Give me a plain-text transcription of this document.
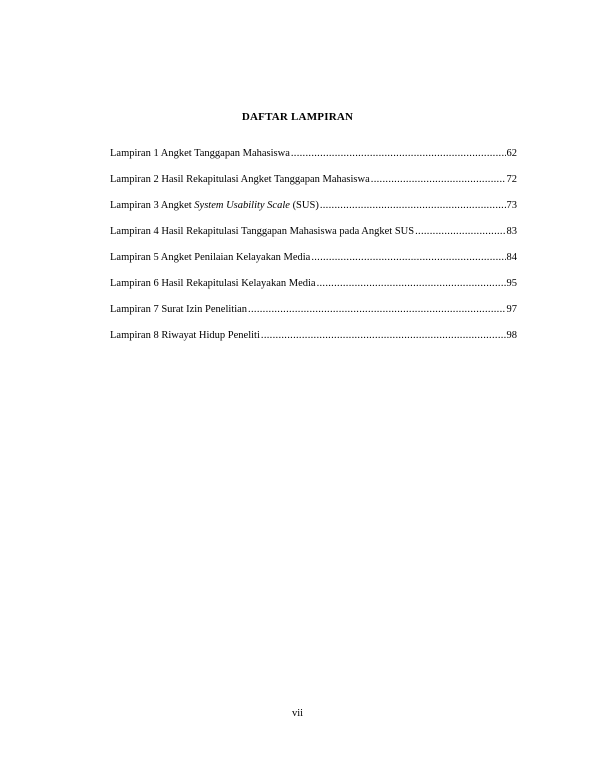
DAFTAR LAMPIRAN
Lampiran 1 Angket Tanggapan Mahasiswa .....	62
Lampiran 2 Hasil Rekapitulasi Angket Tanggapan Mahasiswa .....	72
Lampiran 3 Angket System Usability Scale (SUS) .....	73
Lampiran 4 Hasil Rekapitulasi Tanggapan Mahasiswa pada Angket SUS .....	83
Lampiran 5 Angket Penilaian Kelayakan Media .....	84
Lampiran 6 Hasil Rekapitulasi Kelayakan Media .....	95
Lampiran 7 Surat Izin Penelitian .....	97
Lampiran 8 Riwayat Hidup Peneliti .....	98
vii
